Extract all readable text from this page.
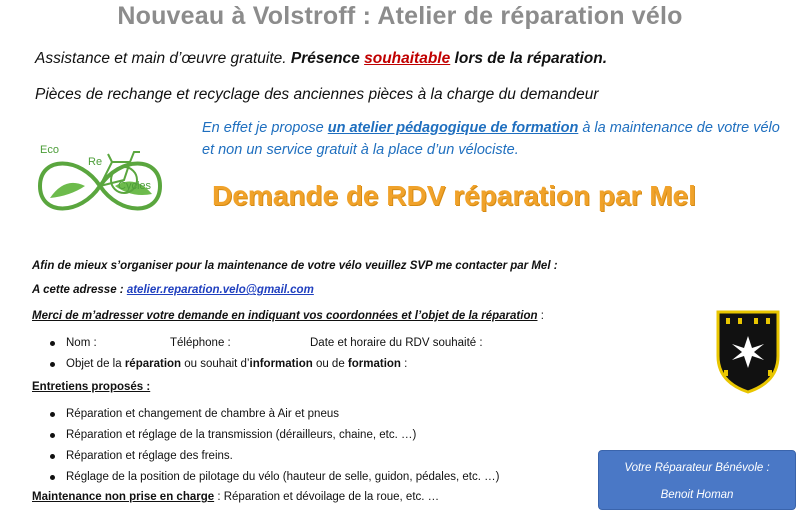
Nouveau à Volstroff : Atelier de réparation vélo
Assistance et main d’œuvre gratuite. Présence souhaitable lors de la réparation.
Pièces de rechange et recyclage des anciennes pièces à la charge du demandeur
En effet je propose un atelier pédagogique de formation à la maintenance de votre vélo et non un service gratuit à la place d’un vélociste.
Eco
Re
Cycles Demande de RDV réparation par Mel
Afin de mieux s’organiser pour la maintenance de votre vélo veuillez SVP me contacter par Mel :
A cette adresse : atelier.reparation.velo@gmail.com
Merci de m’adresser votre demande en indiquant vos coordonnées et l’objet de la réparation :
Nom :	Téléphone :	Date et horaire du RDV souhaité :
Objet de la réparation ou souhait d’information ou de formation :
Entretiens proposés :
Réparation et changement de chambre à Air et pneus
Réparation et réglage de la transmission (dérailleurs, chaine, etc. …)
Réparation et réglage des freins.
Réglage de la position de pilotage du vélo (hauteur de selle, guidon, pédales, etc. …)
Maintenance non prise en charge : Réparation et dévoilage de la roue, etc. …
Votre Réparateur Bénévole :
Benoit Homan
